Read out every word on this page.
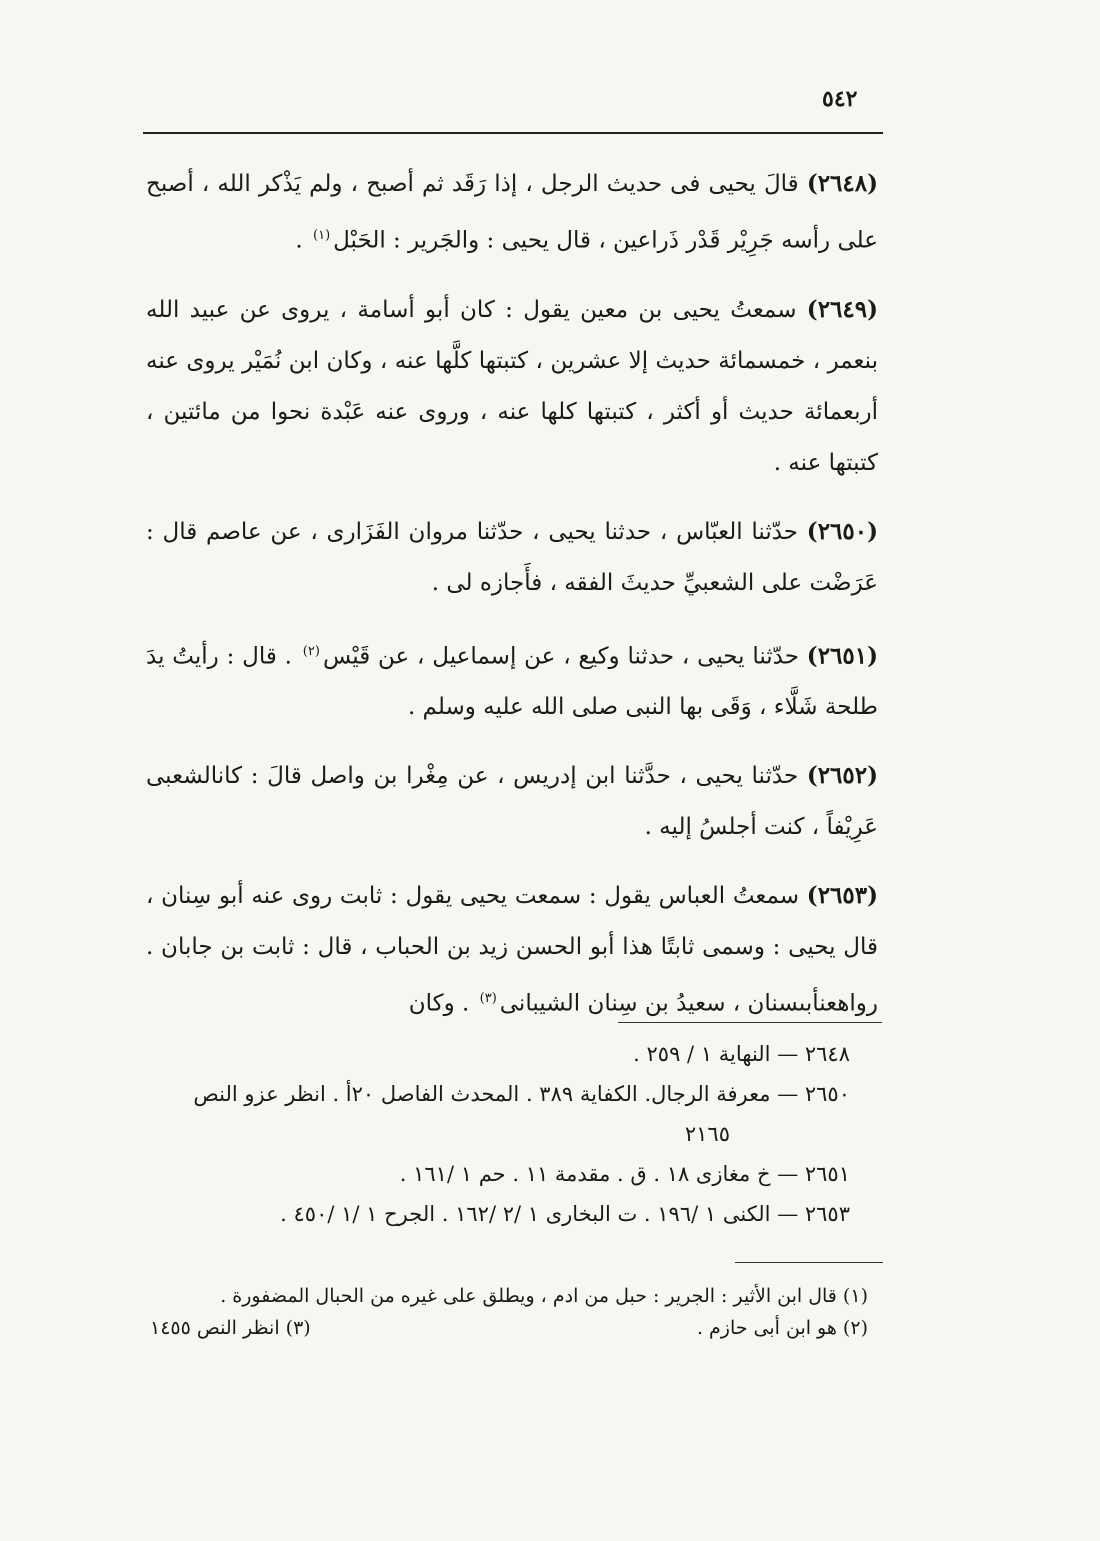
٥٤٢

(٢٦٤٨) قالَ يحيى فى حديث الرجل ، إذا رَقَد ثم أصبح ، ولم يَذْكر الله ، أصبح على رأسه جَرِيْر قَدْر ذَراعين ، قال يحيى : والجَرير : الحَبْل$^{(١)}$ .

(٢٦٤٩) سمعتُ يحيى بن معين يقول : كان أبو أسامة ، يروى عن عبيد الله بنعمر ، خمسمائة حديث إلا عشرين ، كتبتها كلَّها عنه ، وكان ابن نُمَيْر يروى عنه أربعمائة حديث أو أكثر ، كتبتها كلها عنه ، وروى عنه عَبْدة نحوا من مائتين ، كتبتها عنه .

(٢٦٥٠) حدّثنا العبّاس ، حدثنا يحيى ، حدّثنا مروان الفَزَارى ، عن عاصم قال : عَرَضْت على الشعبيِّ حديثَ الفقه ، فأَجازه لى .

(٢٦٥١) حدّثنا يحيى ، حدثنا وكيع ، عن إسماعيل ، عن قَيْس$^{(٢)}$ . قال : رأيتُ يدَ طلحة شَلَّاء ، وَقَى بها النبى صلى الله عليه وسلم .

(٢٦٥٢) حدّثنا يحيى ، حدَّثنا ابن إدريس ، عن مِغْرا بن واصل قالَ : كانالشعبى عَرِيْفاً ، كنت أجلسُ إليه .

(٢٦٥٣) سمعتُ العباس يقول : سمعت يحيى يقول : ثابت روى عنه أبو سِنان ، قال يحيى : وسمى ثابتًا هذا أبو الحسن زيد بن الحباب ، قال : ثابت بن جابان . رواهعنأبىسنان ، سعيدُ بن سِنان الشيبانى$^{(٣)}$ . وكان

٢٦٤٨ — النهاية ١ / ٢٥٩ .

٢٦٥٠ — معرفة الرجال. الكفاية ٣٨٩ . المحدث الفاصل ٢٠أ . انظر عزو النص

٢١٦٥

٢٦٥١ — خ مغازى ١٨ . ق . مقدمة ١١ . حم ١ /١٦١ .

٢٦٥٣ — الكنى ١ /١٩٦ . ت البخارى ١ /٢ /١٦٢ . الجرح ١ /١ /٤٥٠ .

(١) قال ابن الأثير : الجرير : حبل من ادم ، ويطلق على غيره من الحبال المضفورة .

(٢) هو ابن أبى حازم .
(٣) انظر النص ١٤٥٥
